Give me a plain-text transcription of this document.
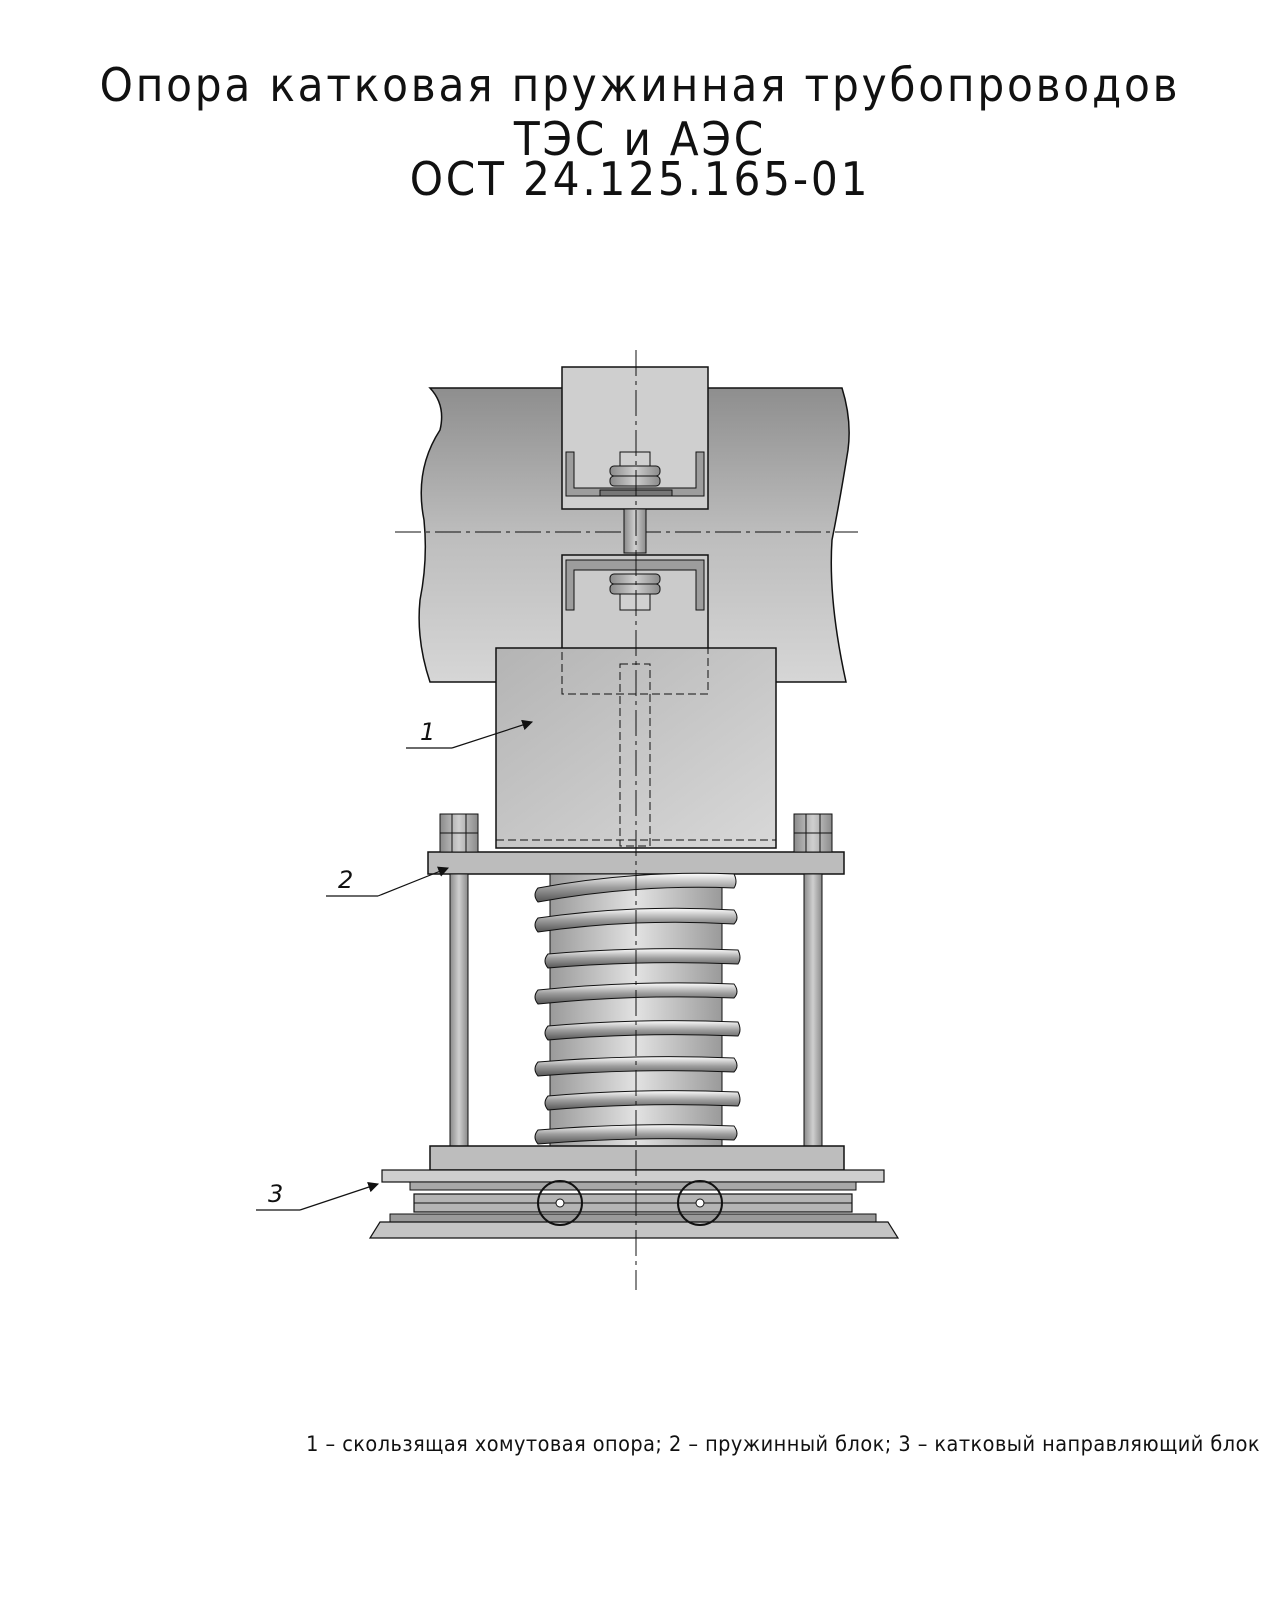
Опора катковая пружинная трубопроводов ТЭС и АЭС
ОСТ 24.125.165-01
1
2
3
1 – скользящая хомутовая опора; 2 – пружинный блок; 3 – катковый направляющий блок
